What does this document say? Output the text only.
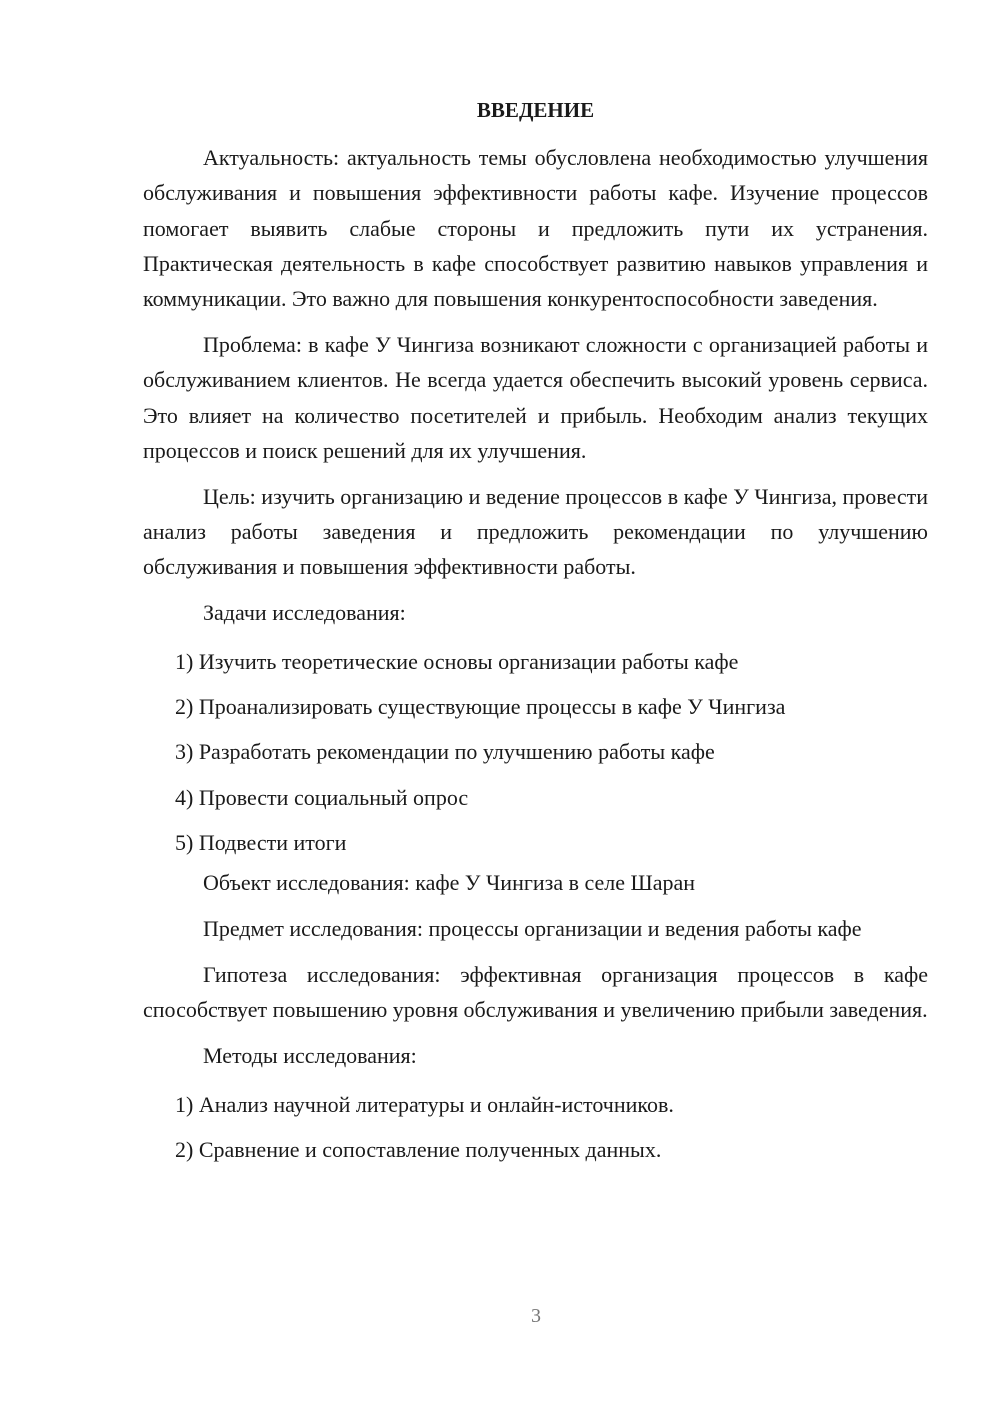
ВВЕДЕНИЕ

Актуальность: актуальность темы обусловлена необходимостью улучшения обслуживания и повышения эффективности работы кафе. Изучение процессов помогает выявить слабые стороны и предложить пути их устранения. Практическая деятельность в кафе способствует развитию навыков управления и коммуникации. Это важно для повышения конкурентоспособности заведения.

Проблема: в кафе У Чингиза возникают сложности с организацией работы и обслуживанием клиентов. Не всегда удается обеспечить высокий уровень сервиса. Это влияет на количество посетителей и прибыль. Необходим анализ текущих процессов и поиск решений для их улучшения.

Цель: изучить организацию и ведение процессов в кафе У Чингиза, провести анализ работы заведения и предложить рекомендации по улучшению обслуживания и повышения эффективности работы.

Задачи исследования:

1) Изучить теоретические основы организации работы кафе
2) Проанализировать существующие процессы в кафе У Чингиза
3) Разработать рекомендации по улучшению работы кафе
4) Провести социальный опрос
5) Подвести итоги

Объект исследования: кафе У Чингиза в селе Шаран

Предмет исследования: процессы организации и ведения работы кафе

Гипотеза исследования: эффективная организация процессов в кафе способствует повышению уровня обслуживания и увеличению прибыли заведения.

Методы исследования:

1) Анализ научной литературы и онлайн-источников.
2) Сравнение и сопоставление полученных данных.
3
